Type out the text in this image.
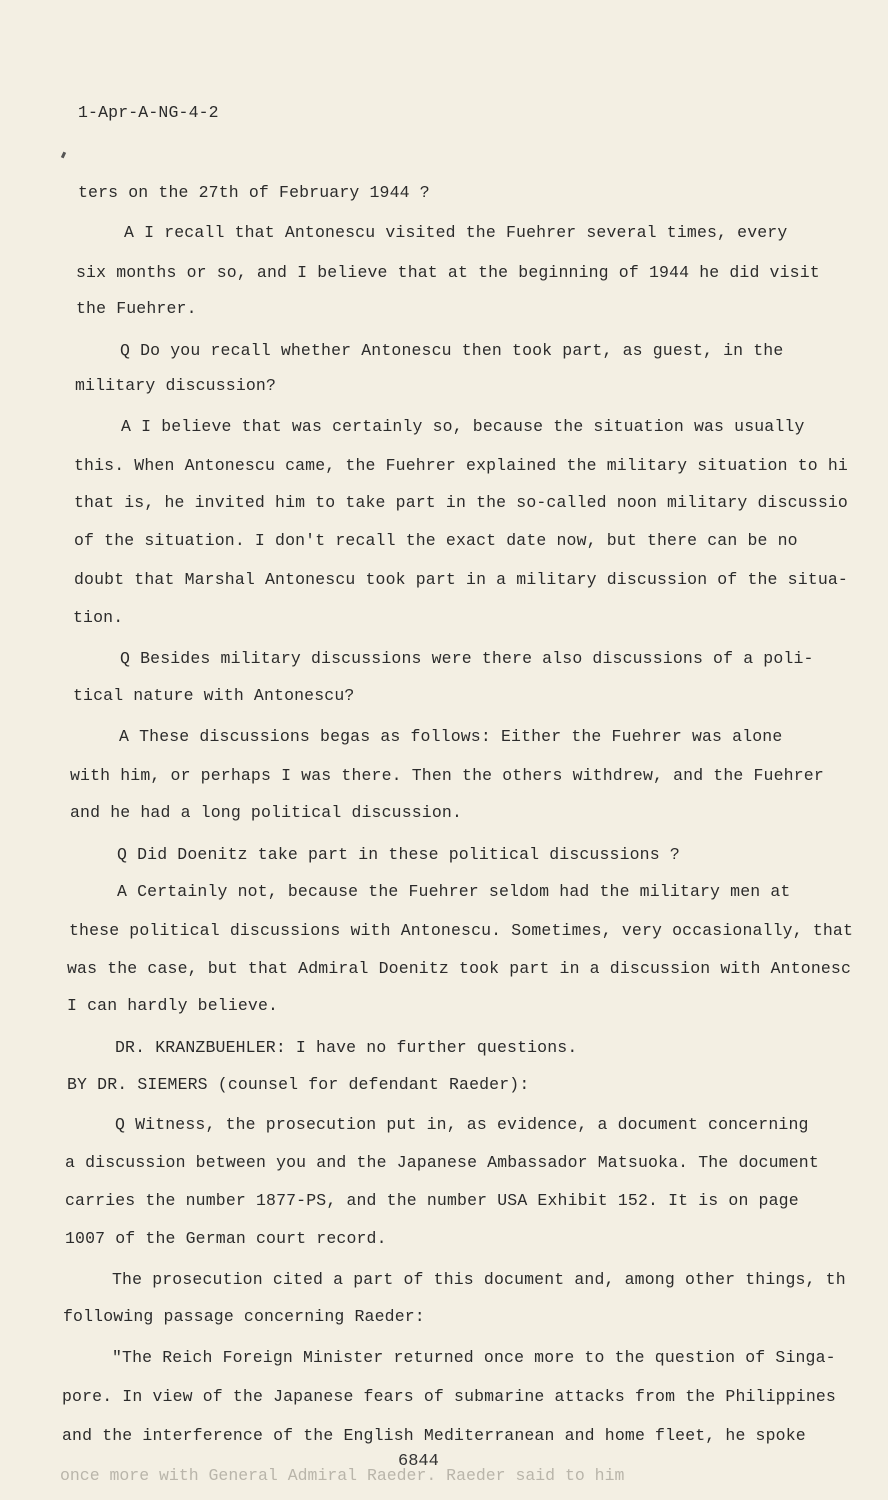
1-Apr-A-NG-4-2
ters on the 27th of February 1944 ?
A I recall that Antonescu visited the Fuehrer several times, every
six months or so, and I believe that at the beginning of 1944 he did visit
the Fuehrer.
Q Do you recall whether Antonescu then took part, as guest, in the
military discussion?
A I believe that was certainly so, because the situation was usually
this. When Antonescu came, the Fuehrer explained the military situation to hi
that is, he invited him to take part in the so-called noon military discussio
of the situation. I don't recall the exact date now, but there can be no
doubt that Marshal Antonescu took part in a military discussion of the situa-
tion.
Q Besides military discussions were there also discussions of a poli-
tical nature with Antonescu?
A These discussions begas as follows: Either the Fuehrer was alone
with him, or perhaps I was there. Then the others withdrew, and the Fuehrer
and he had a long political discussion.
Q Did Doenitz take part in these political discussions ?
A Certainly not, because the Fuehrer seldom had the military men at
these political discussions with Antonescu. Sometimes, very occasionally, that
was the case, but that Admiral Doenitz took part in a discussion with Antonesc
I can hardly believe.
DR. KRANZBUEHLER: I have no further questions.
BY DR. SIEMERS (counsel for defendant Raeder):
Q Witness, the prosecution put in, as evidence, a document concerning
a discussion between you and the Japanese Ambassador Matsuoka. The document
carries the number 1877-PS, and the number USA Exhibit 152. It is on page
1007 of the German court record.
The prosecution cited a part of this document and, among other things, th
following passage concerning Raeder:
"The Reich Foreign Minister returned once more to the question of Singa-
pore. In view of the Japanese fears of submarine attacks from the Philippines
and the interference of the English Mediterranean and home fleet, he spoke
once more with General Admiral Raeder. Raeder said to him
6844
